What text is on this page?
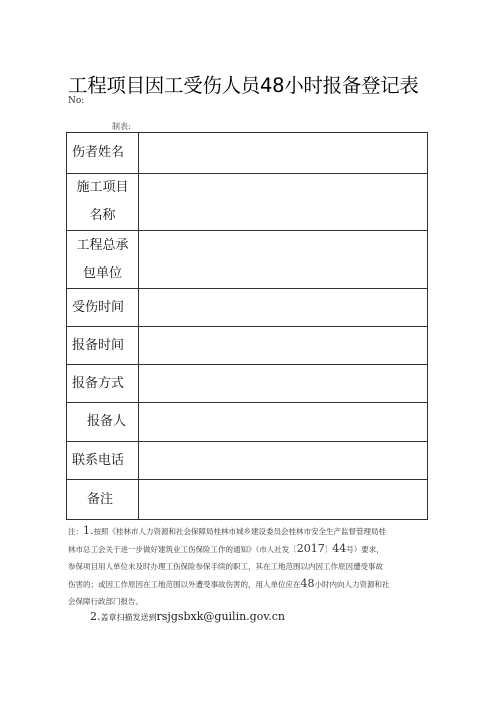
工程项目因工受伤人员48小时报备登记表
No:
制表:
伤者姓名	

施工项目
名称	

工程总承
包单位	

受伤时间	

报备时间	

报备方式	

报备人	

联系电话	

备注	

注：1.按照《桂林市人力资源和社会保障局桂林市城乡建设委员会桂林市安全生产监督管理局桂
林市总工会关于进一步做好建筑业工伤保险工作的通知》（市人社发〔2017〕44号）要求，
参保项目用人单位未及时办理工伤保险参保手续的职工，其在工地范围以内因工作原因遭受事故
伤害的；或因工作原因在工地范围以外遭受事故伤害的，用人单位应在48小时内向人力资源和社
会保障行政部门报告。
2.盖章扫描发送到rsjgsbxk@guilin.gov.cn
